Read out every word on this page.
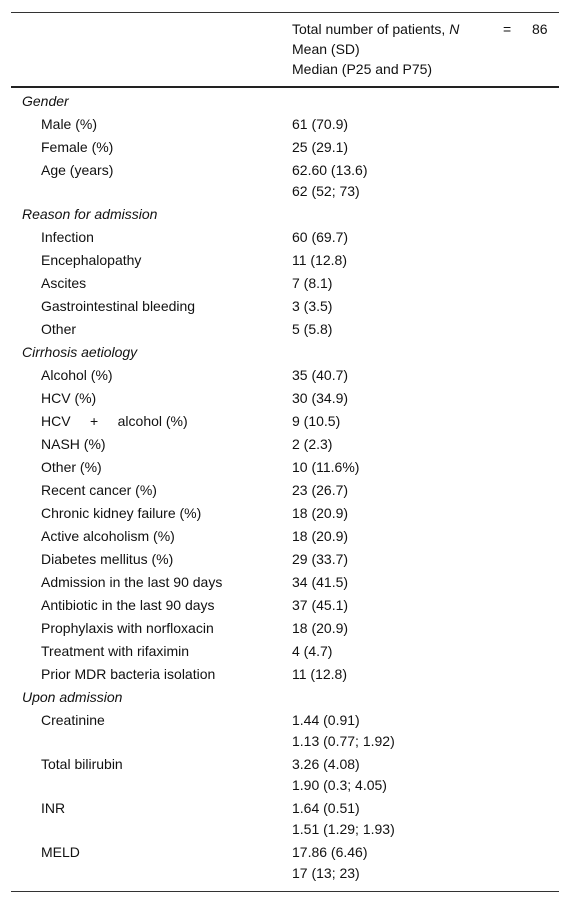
Total number of patients, N	= 86
Mean (SD)
Median (P25 and P75)
Gender
Male (%)	61 (70.9)
Female (%)	25 (29.1)
Age (years)	62.60 (13.6)
62 (52; 73)
Reason for admission
Infection	60 (69.7)
Encephalopathy	11 (12.8)
Ascites	7 (8.1)
Gastrointestinal bleeding	3 (3.5)
Other	5 (5.8)
Cirrhosis aetiology
Alcohol (%)	35 (40.7)
HCV (%)	30 (34.9)
HCV     +     alcohol (%)	9 (10.5)
NASH (%)	2 (2.3)
Other (%)	10 (11.6%)
Recent cancer (%)	23 (26.7)
Chronic kidney failure (%)	18 (20.9)
Active alcoholism (%)	18 (20.9)
Diabetes mellitus (%)	29 (33.7)
Admission in the last 90 days	34 (41.5)
Antibiotic in the last 90 days	37 (45.1)
Prophylaxis with norfloxacin	18 (20.9)
Treatment with rifaximin	4 (4.7)
Prior MDR bacteria isolation	11 (12.8)
Upon admission
Creatinine	1.44 (0.91)
1.13 (0.77; 1.92)
Total bilirubin	3.26 (4.08)
1.90 (0.3; 4.05)
INR	1.64 (0.51)
1.51 (1.29; 1.93)
MELD	17.86 (6.46)
17 (13; 23)
